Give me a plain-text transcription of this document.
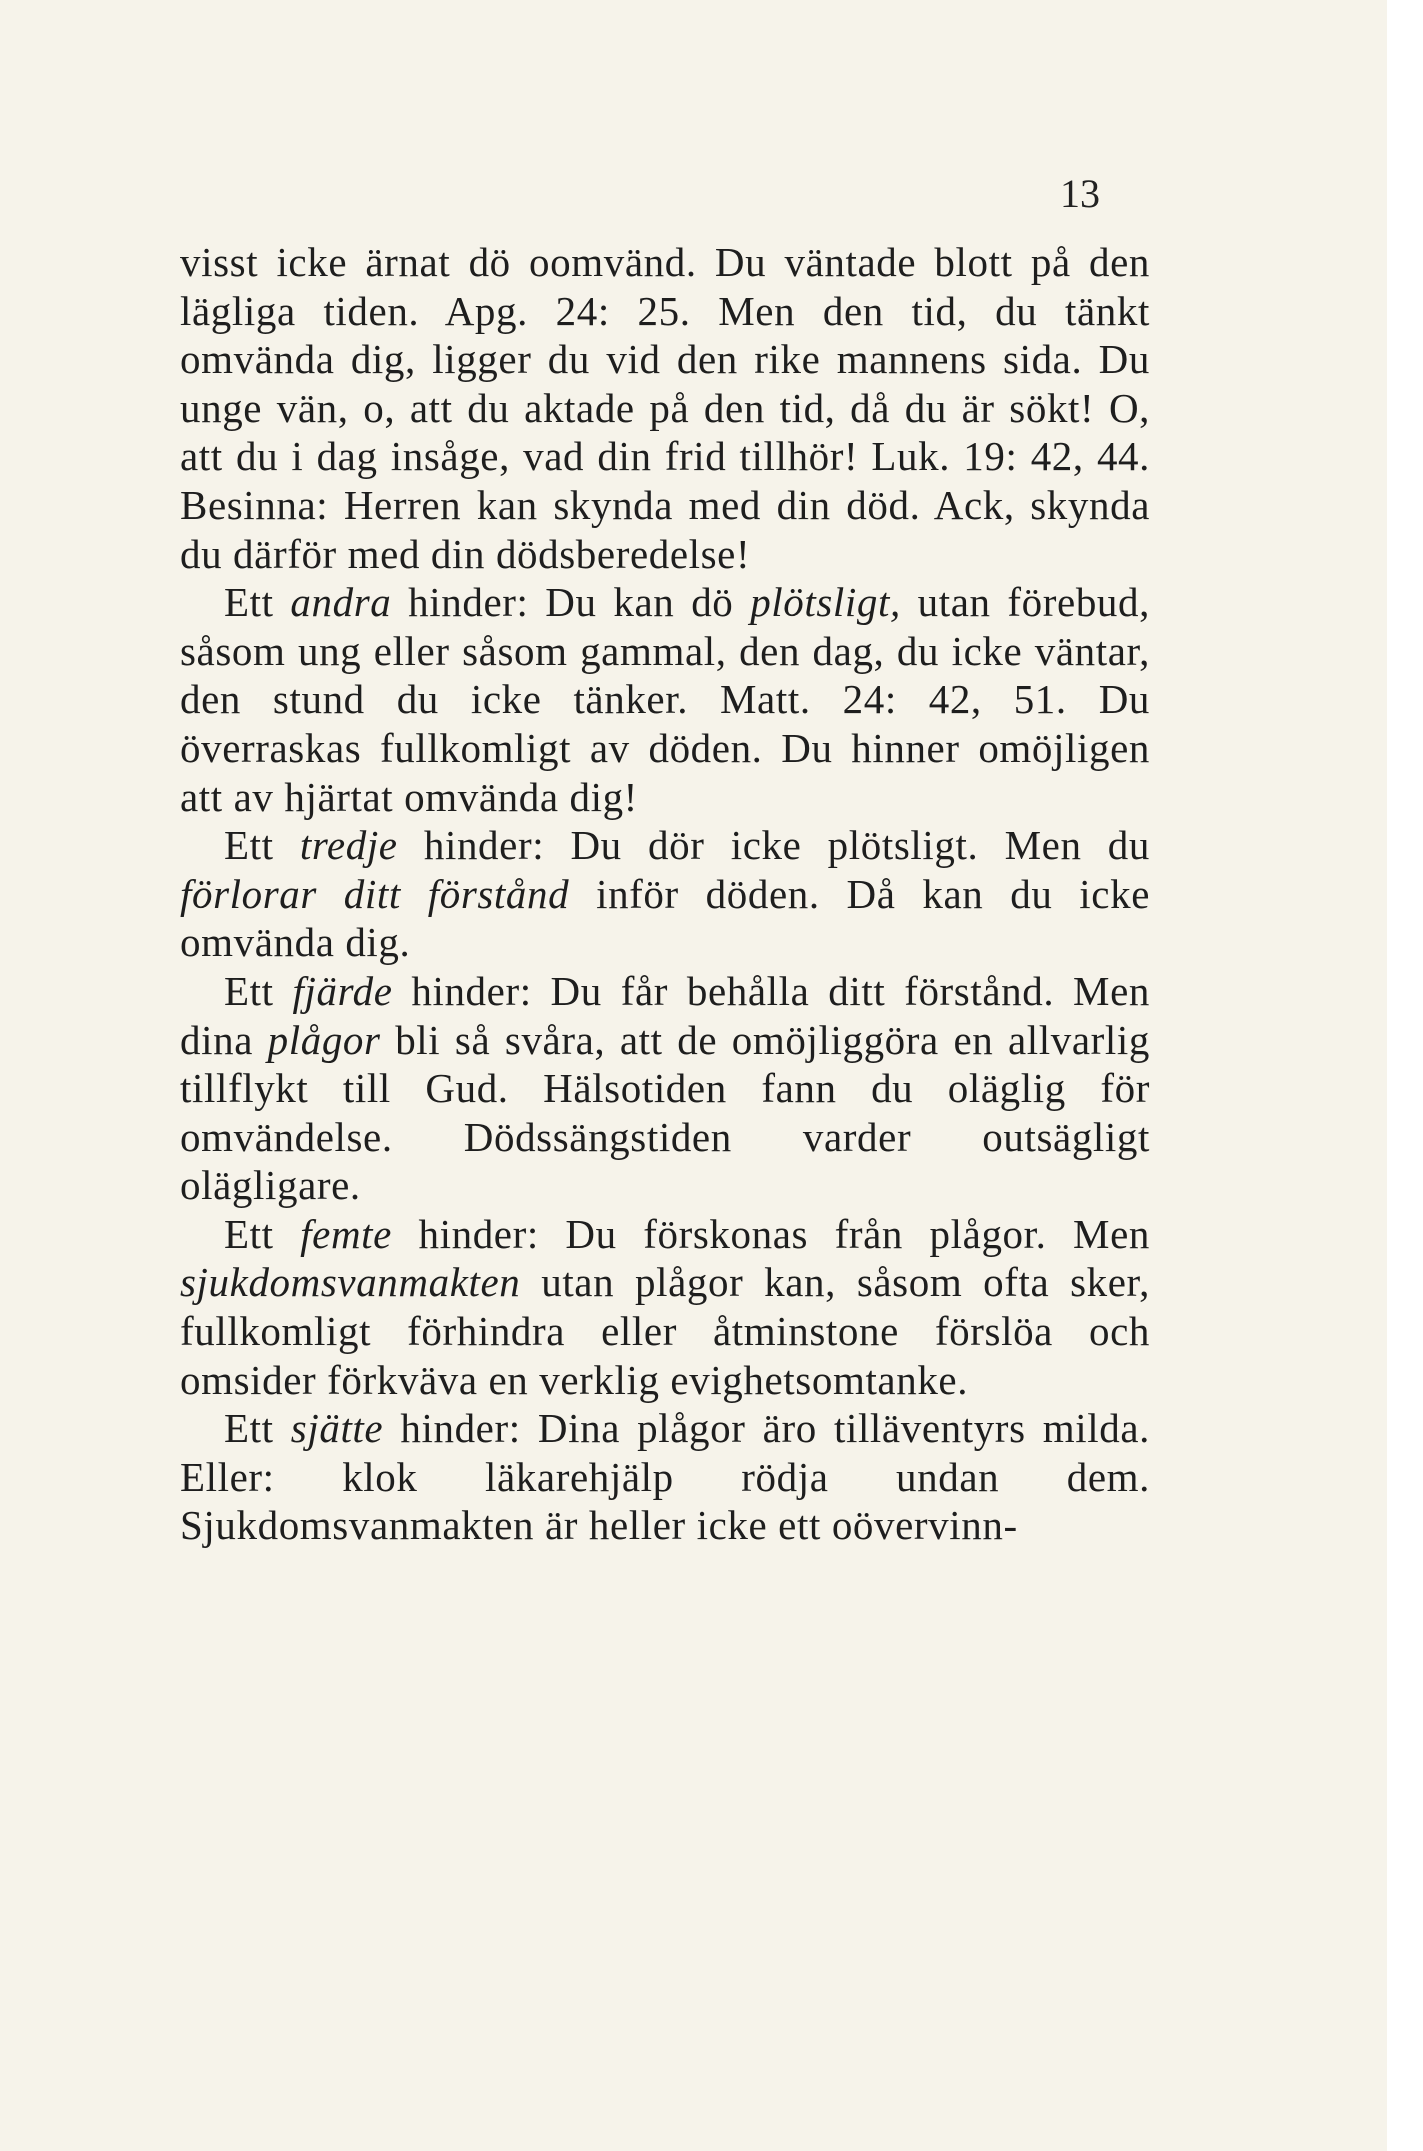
13

visst icke ärnat dö oomvänd. Du väntade blott på den lägliga tiden. Apg. 24: 25. Men den tid, du tänkt omvända dig, ligger du vid den rike mannens sida. Du unge vän, o, att du aktade på den tid, då du är sökt! O, att du i dag insåge, vad din frid tillhör! Luk. 19: 42, 44. Besinna: Herren kan skynda med din död. Ack, skynda du därför med din dödsberedelse!

Ett andra hinder: Du kan dö plötsligt, utan förebud, såsom ung eller såsom gammal, den dag, du icke väntar, den stund du icke tänker. Matt. 24: 42, 51. Du överraskas fullkomligt av döden. Du hinner omöjligen att av hjärtat omvända dig!

Ett tredje hinder: Du dör icke plötsligt. Men du förlorar ditt förstånd inför döden. Då kan du icke omvända dig.

Ett fjärde hinder: Du får behålla ditt förstånd. Men dina plågor bli så svåra, att de omöjliggöra en allvarlig tillflykt till Gud. Hälsotiden fann du oläglig för omvändelse. Dödssängstiden varder outsägligt olägligare.

Ett femte hinder: Du förskonas från plågor. Men sjukdomsvanmakten utan plågor kan, såsom ofta sker, fullkomligt förhindra eller åtminstone förslöa och omsider förkväva en verklig evighetsomtanke.

Ett sjätte hinder: Dina plågor äro tilläventyrs milda. Eller: klok läkarehjälp rödja undan dem. Sjukdomsvanmakten är heller icke ett oövervinn-
